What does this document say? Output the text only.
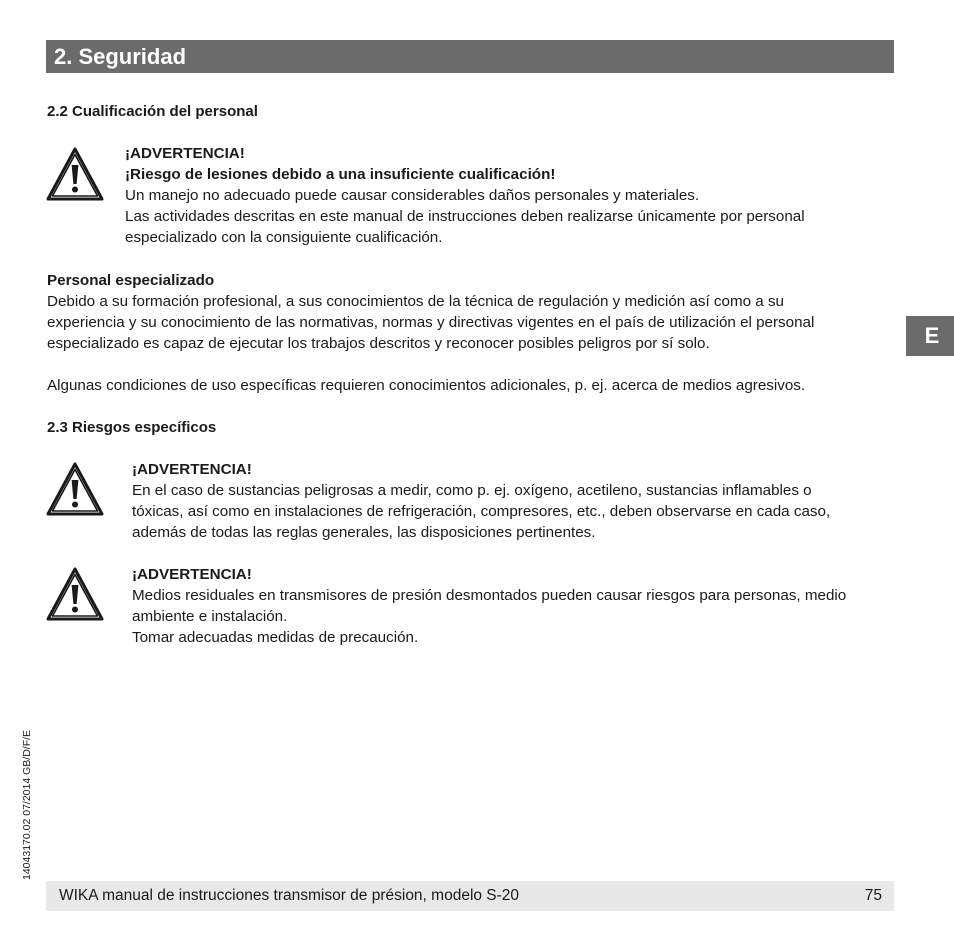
2. Seguridad
2.2 Cualificación del personal
¡ADVERTENCIA!
¡Riesgo de lesiones debido a una insuficiente cualificación!
Un manejo no adecuado puede causar considerables daños personales y materiales.
Las actividades descritas en este manual de instrucciones deben realizarse únicamente por personal
especializado con la consiguiente cualificación.
Personal especializado
Debido a su formación profesional, a sus conocimientos de la técnica de regulación y medición así como a su
experiencia y su conocimiento de las normativas, normas y directivas vigentes en el país de utilización el personal
especializado es capaz de ejecutar los trabajos descritos y reconocer posibles peligros por sí solo.
Algunas condiciones de uso específicas requieren conocimientos adicionales, p. ej. acerca de medios agresivos.
2.3 Riesgos específicos
¡ADVERTENCIA!
En el caso de sustancias peligrosas a medir, como p. ej. oxígeno, acetileno, sustancias inflamables o
tóxicas, así como en instalaciones de refrigeración, compresores, etc., deben observarse en cada caso,
además de todas las reglas generales, las disposiciones pertinentes.
¡ADVERTENCIA!
Medios residuales en transmisores de presión desmontados pueden causar riesgos para personas, medio
ambiente e instalación.
Tomar adecuadas medidas de precaución.
E
14043170.02 07/2014 GB/D/F/E
WIKA manual de instrucciones transmisor de présion, modelo S-20	75
